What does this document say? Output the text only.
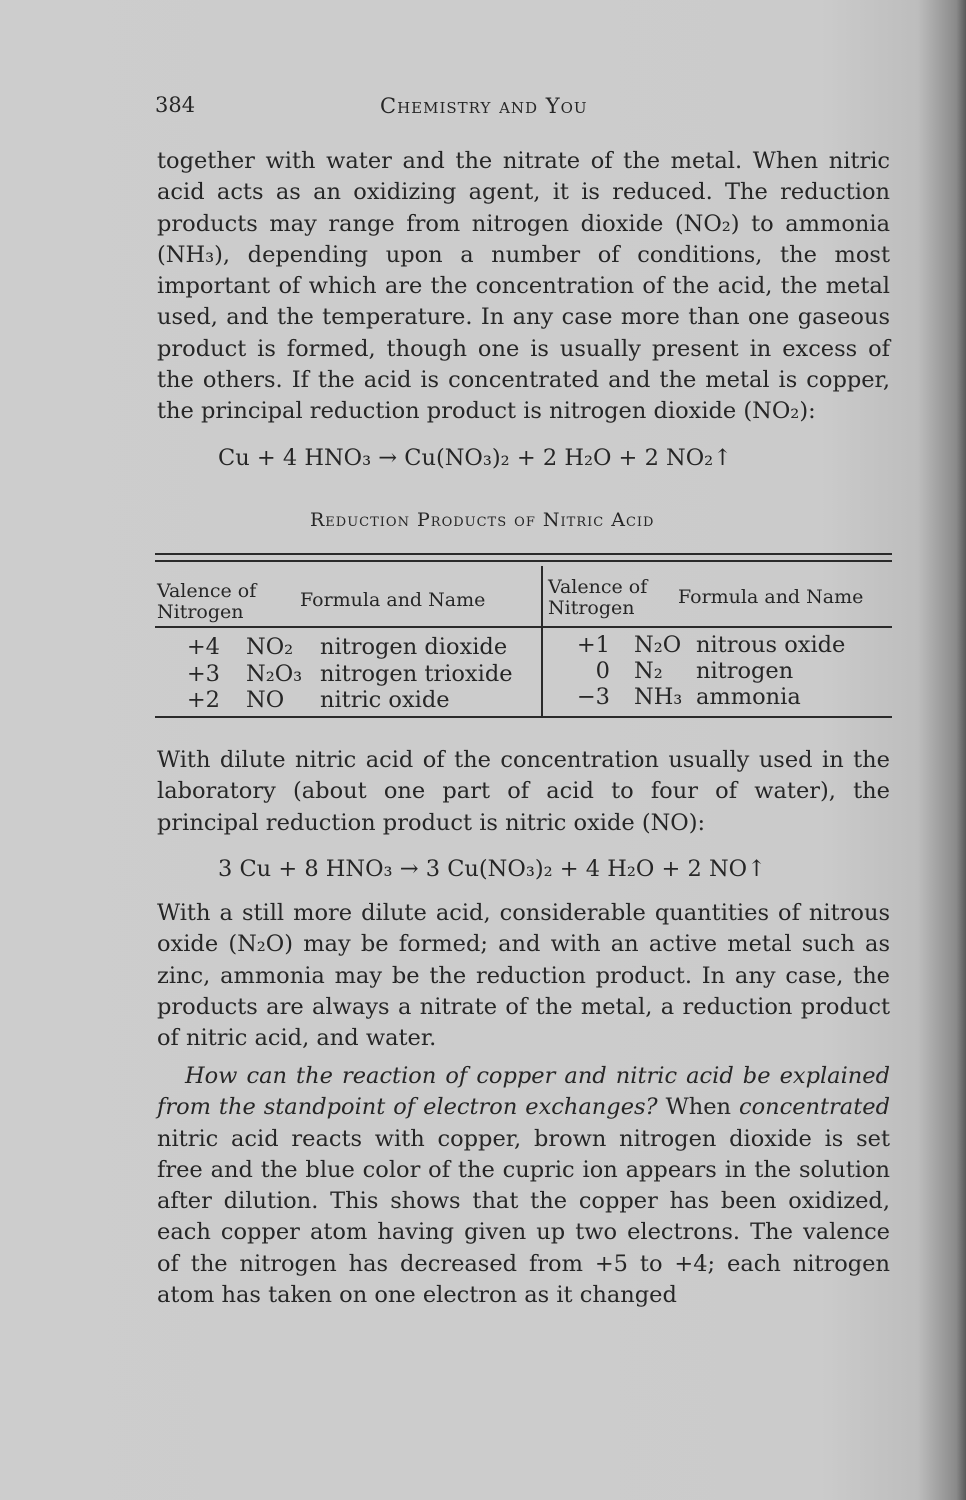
384	Chemistry and You

together with water and the nitrate of the metal. When nitric acid acts as an oxidizing agent, it is reduced. The reduction products may range from nitrogen dioxide (NO₂) to ammonia (NH₃), depending upon a number of conditions, the most important of which are the concentration of the acid, the metal used, and the temperature. In any case more than one gaseous product is formed, though one is usually present in excess of the others. If the acid is concentrated and the metal is copper, the principal reduction product is nitrogen dioxide (NO₂):

Cu + 4 HNO₃ → Cu(NO₃)₂ + 2 H₂O + 2 NO₂↑
Reduction Products of Nitric Acid
Valence of Nitrogen
Formula and Name
Valence of Nitrogen	Formula and Name
+4 NO₂ nitrogen dioxide
+3 N₂O₃ nitrogen trioxide
+2 NO nitric oxide
+1 N₂O nitrous oxide
0 N₂ nitrogen
−3 NH₃ ammonia

With dilute nitric acid of the concentration usually used in the laboratory (about one part of acid to four of water), the principal reduction product is nitric oxide (NO):

3 Cu + 8 HNO₃ → 3 Cu(NO₃)₂ + 4 H₂O + 2 NO↑

With a still more dilute acid, considerable quantities of nitrous oxide (N₂O) may be formed; and with an active metal such as zinc, ammonia may be the reduction product. In any case, the products are always a nitrate of the metal, a reduction product of nitric acid, and water.

How can the reaction of copper and nitric acid be explained from the standpoint of electron exchanges? When concentrated nitric acid reacts with copper, brown nitrogen dioxide is set free and the blue color of the cupric ion appears in the solution after dilution. This shows that the copper has been oxidized, each copper atom having given up two electrons. The valence of the nitrogen has decreased from +5 to +4; each nitrogen atom has taken on one electron as it changed
